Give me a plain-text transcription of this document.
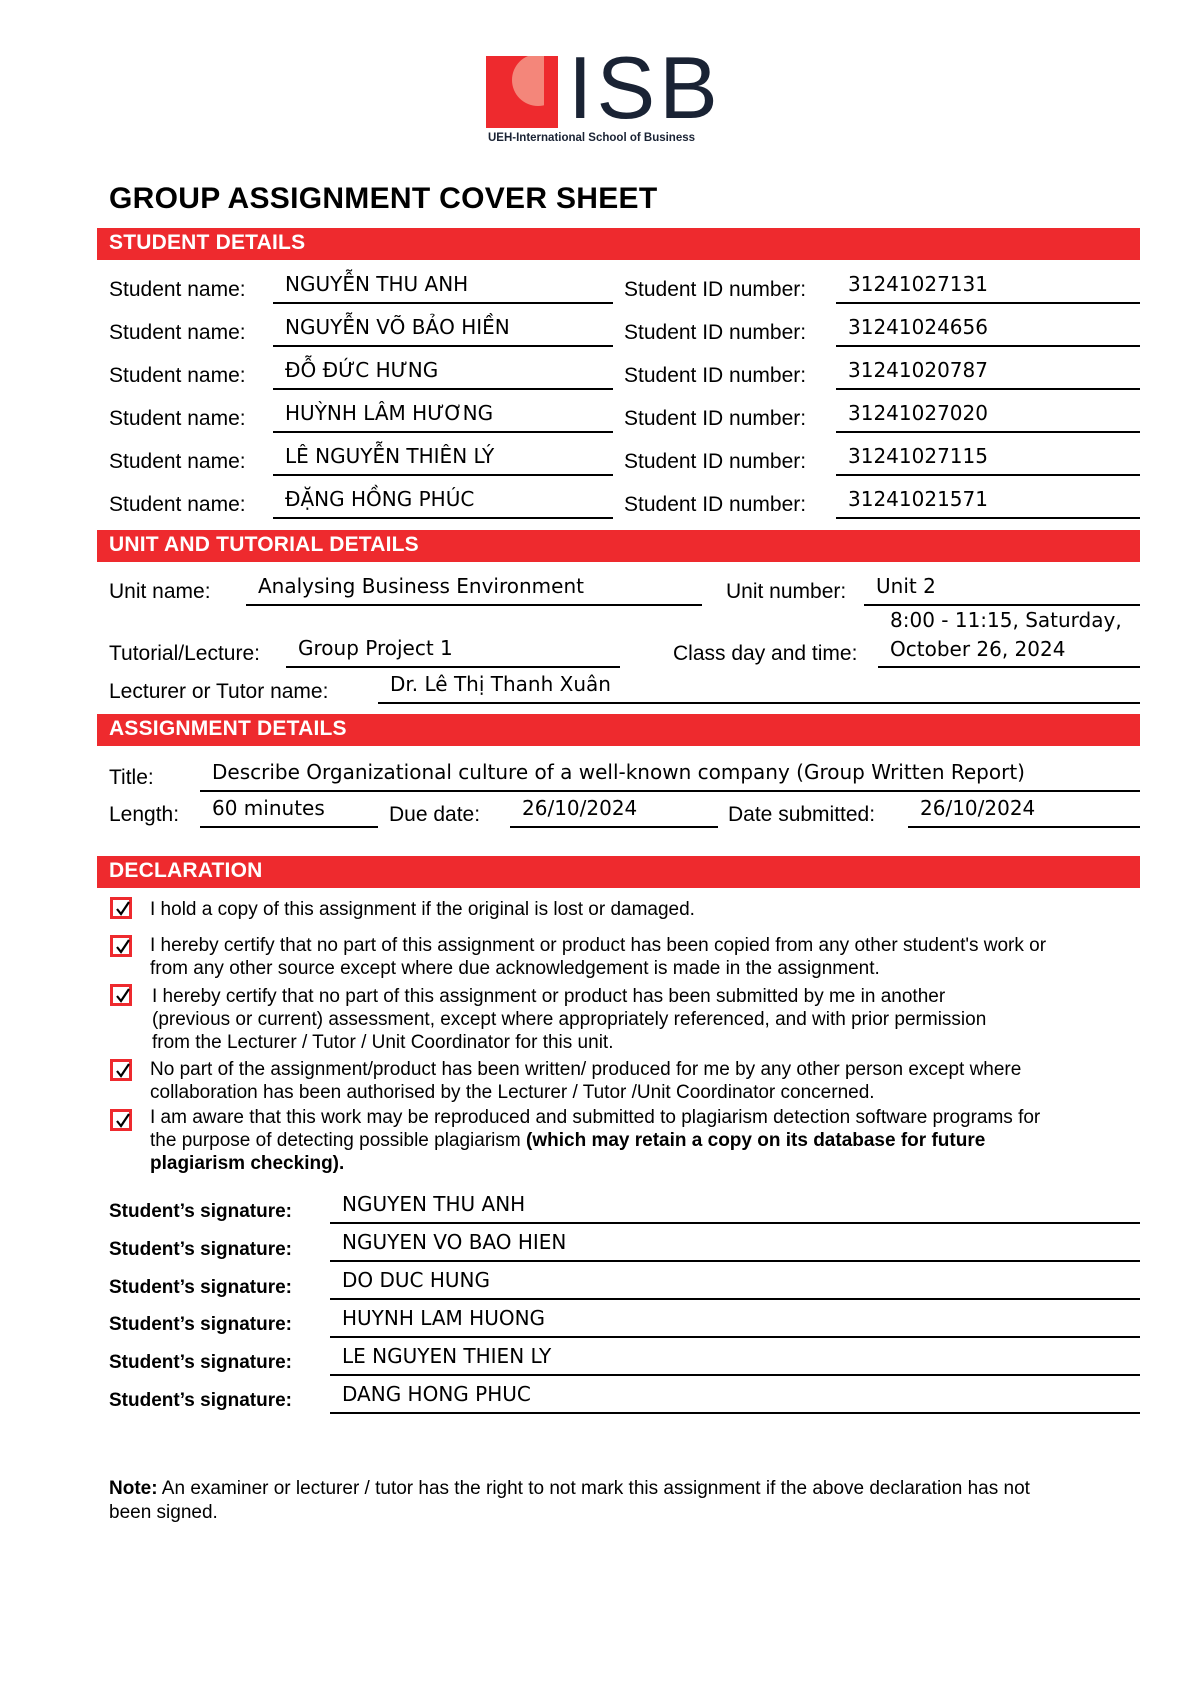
ISB
UEH-International School of Business
GROUP ASSIGNMENT COVER SHEET
STUDENT DETAILS
Student name: NGUYỄN THU ANH	Student ID number: 31241027131
Student name: NGUYỄN VÕ BẢO HIỀN	Student ID number: 31241024656
Student name: ĐỖ ĐỨC HƯNG	Student ID number: 31241020787
Student name: HUỲNH LÂM HƯƠNG	Student ID number: 31241027020
Student name: LÊ NGUYỄN THIÊN LÝ	Student ID number: 31241027115
Student name: ĐẶNG HỒNG PHÚC	Student ID number: 31241021571
UNIT AND TUTORIAL DETAILS
Unit name: Analysing Business Environment	Unit number: Unit 2
Tutorial/Lecture: Group Project 1	Class day and time:
8:00 - 11:15, Saturday,
October 26, 2024
Lecturer or Tutor name:	Dr. Lê Thị Thanh Xuân
ASSIGNMENT DETAILS
Title:	Describe Organizational culture of a well-known company (Group Written Report)
Length: 60 minutes	Due date: 26/10/2024	Date submitted: 26/10/2024
DECLARATION
I hold a copy of this assignment if the original is lost or damaged.
I hereby certify that no part of this assignment or product has been copied from any other student's work or
from any other source except where due acknowledgement is made in the assignment.
I hereby certify that no part of this assignment or product has been submitted by me in another
(previous or current) assessment, except where appropriately referenced, and with prior permission
from the Lecturer / Tutor / Unit Coordinator for this unit.
No part of the assignment/product has been written/ produced for me by any other person except where
collaboration has been authorised by the Lecturer / Tutor /Unit Coordinator concerned.
I am aware that this work may be reproduced and submitted to plagiarism detection software programs for
the purpose of detecting possible plagiarism (which may retain a copy on its database for future
plagiarism checking).
Student’s signature:	NGUYEN THU ANH
Student’s signature:	NGUYEN VO BAO HIEN
Student’s signature:	DO DUC HUNG
Student’s signature:	HUYNH LAM HUONG
Student’s signature:	LE NGUYEN THIEN LY
Student’s signature:	DANG HONG PHUC
Note: An examiner or lecturer / tutor has the right to not mark this assignment if the above declaration has not
been signed.
